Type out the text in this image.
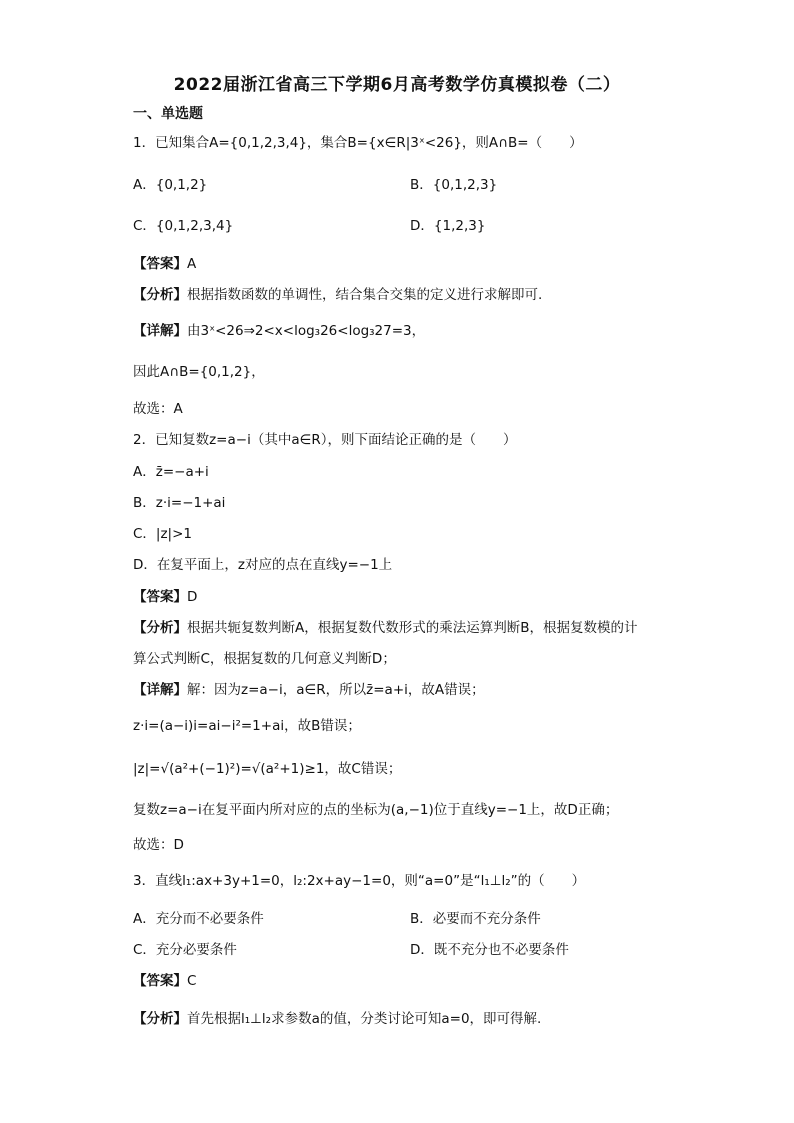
2022届浙江省高三下学期6月高考数学仿真模拟卷（二）
一、单选题
1．已知集合A={0,1,2,3,4}，集合B={x∈R|3ˣ<26}，则A∩B=（　　）
A．{0,1,2}	B．{0,1,2,3}
C．{0,1,2,3,4}	D．{1,2,3}
【答案】A
【分析】根据指数函数的单调性，结合集合交集的定义进行求解即可.
【详解】由3ˣ<26⇒2<x<log₃26<log₃27=3，
因此A∩B={0,1,2}，
故选：A
2．已知复数z=a−i（其中a∈R），则下面结论正确的是（　　）
A．z̄=−a+i
B．z·i=−1+ai
C．|z|>1
D．在复平面上，z对应的点在直线y=−1上
【答案】D
【分析】根据共轭复数判断A，根据复数代数形式的乘法运算判断B，根据复数模的计
算公式判断C，根据复数的几何意义判断D；
【详解】解：因为z=a−i，a∈R，所以z̄=a+i，故A错误；
z·i=(a−i)i=ai−i²=1+ai，故B错误；
|z|=√(a²+(−1)²)=√(a²+1)≥1，故C错误；
复数z=a−i在复平面内所对应的点的坐标为(a,−1)位于直线y=−1上，故D正确；
故选：D
3．直线l₁:ax+3y+1=0，l₂:2x+ay−1=0，则“a=0”是“l₁⊥l₂”的（　　）
A．充分而不必要条件	B．必要而不充分条件
C．充分必要条件	D．既不充分也不必要条件
【答案】C
【分析】首先根据l₁⊥l₂求参数a的值，分类讨论可知a=0，即可得解.
